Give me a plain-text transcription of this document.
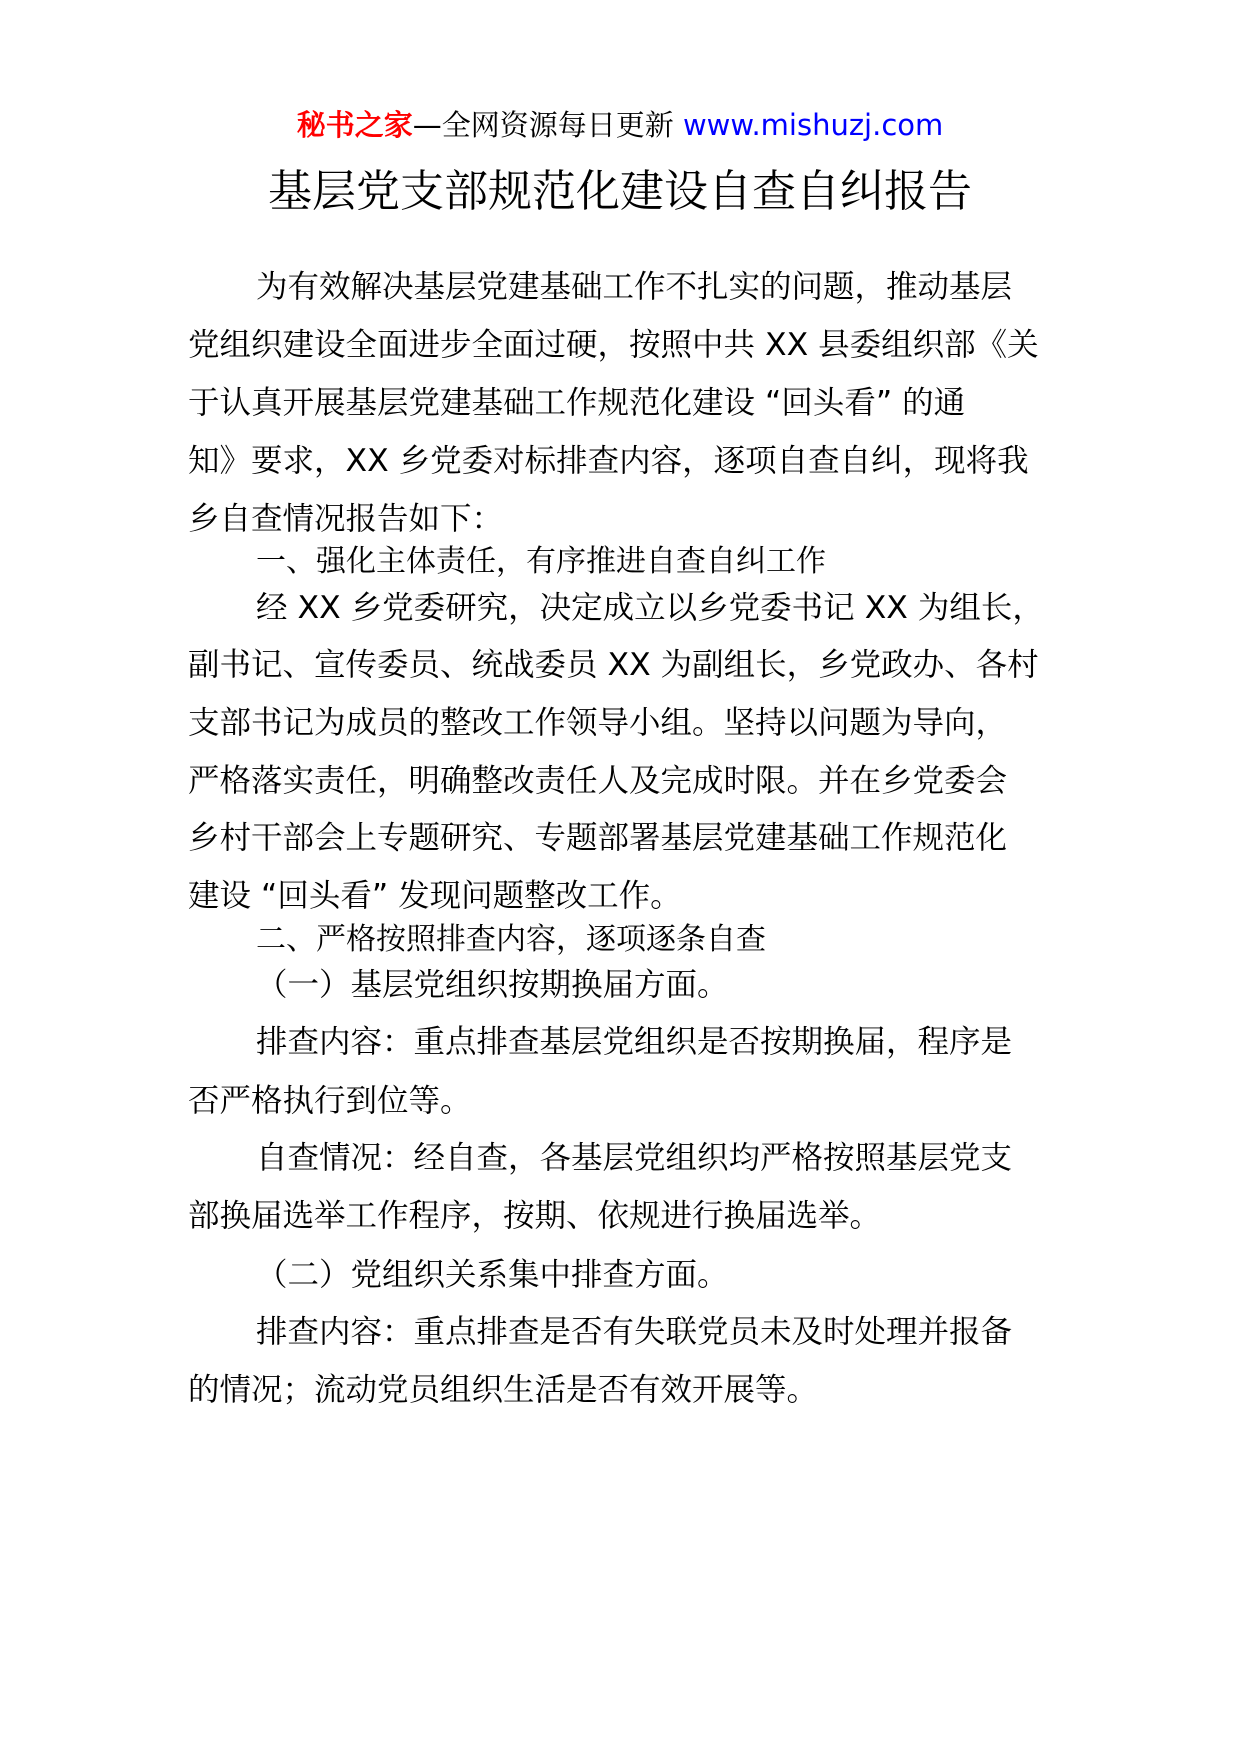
秘书之家—全网资源每日更新 www.mishuzj.com
基层党支部规范化建设自查自纠报告
为有效解决基层党建基础工作不扎实的问题，推动基层
党组织建设全面进步全面过硬，按照中共 XX 县委组织部《关
于认真开展基层党建基础工作规范化建设 “回头看” 的通
知》要求，XX 乡党委对标排查内容，逐项自查自纠，现将我
乡自查情况报告如下：
一、强化主体责任，有序推进自查自纠工作
经 XX 乡党委研究，决定成立以乡党委书记 XX 为组长，
副书记、宣传委员、统战委员 XX 为副组长，乡党政办、各村
支部书记为成员的整改工作领导小组。坚持以问题为导向，
严格落实责任，明确整改责任人及完成时限。并在乡党委会
乡村干部会上专题研究、专题部署基层党建基础工作规范化
建设 “回头看” 发现问题整改工作。
二、严格按照排查内容，逐项逐条自查
（一）基层党组织按期换届方面。
排查内容：重点排查基层党组织是否按期换届，程序是
否严格执行到位等。
自查情况：经自查，各基层党组织均严格按照基层党支
部换届选举工作程序，按期、依规进行换届选举。
（二）党组织关系集中排查方面。
排查内容：重点排查是否有失联党员未及时处理并报备
的情况；流动党员组织生活是否有效开展等。
